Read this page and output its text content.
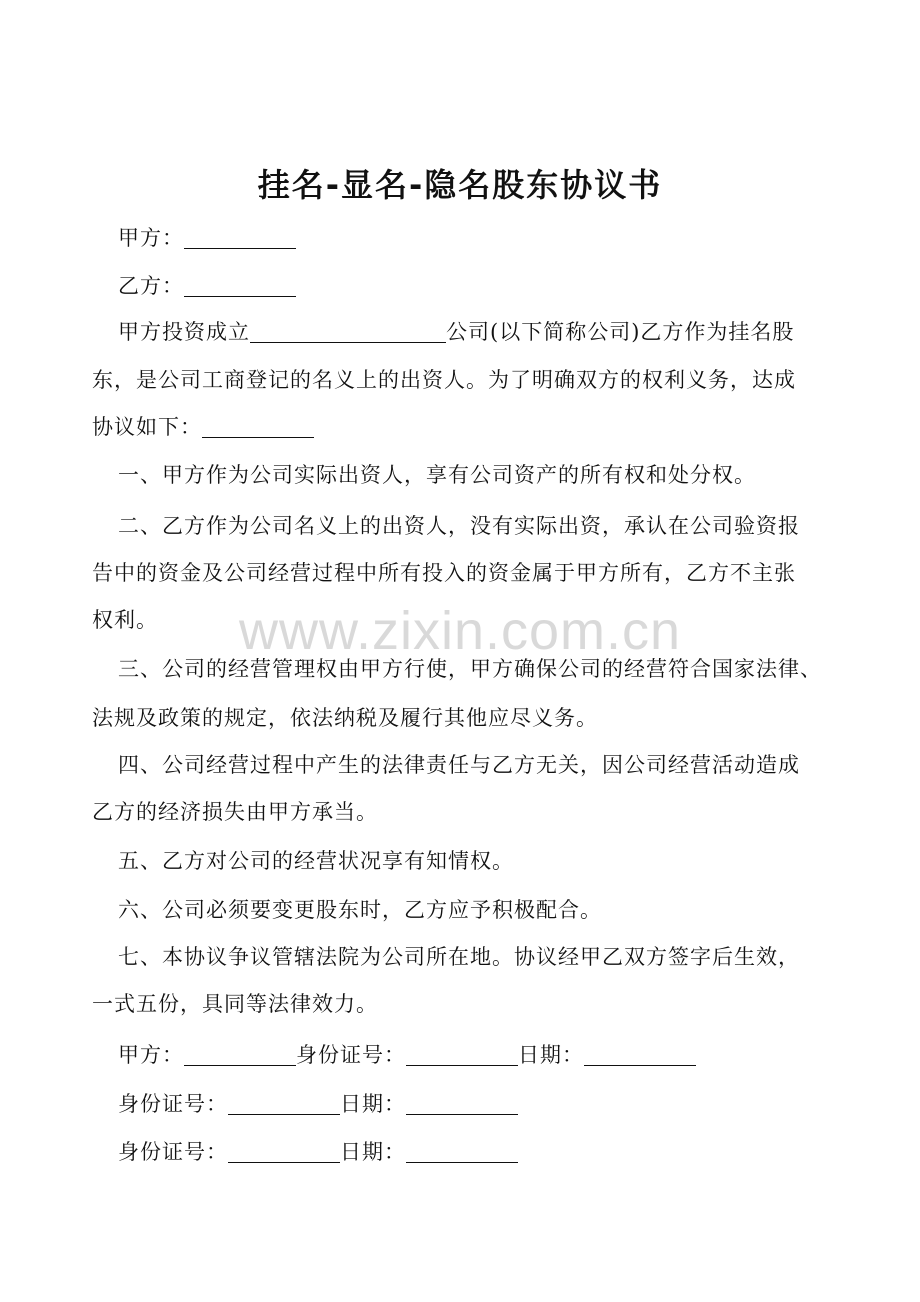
挂名-显名-隐名股东协议书
甲方：
乙方：
甲方投资成立	公司(以下简称公司)乙方作为挂名股
东，是公司工商登记的名义上的出资人。为了明确双方的权利义务，达成
协议如下：
一、甲方作为公司实际出资人，享有公司资产的所有权和处分权。
二、乙方作为公司名义上的出资人，没有实际出资，承认在公司验资报
告中的资金及公司经营过程中所有投入的资金属于甲方所有，乙方不主张
权利。
三、公司的经营管理权由甲方行使，甲方确保公司的经营符合国家法律、
法规及政策的规定，依法纳税及履行其他应尽义务。
四、公司经营过程中产生的法律责任与乙方无关，因公司经营活动造成
乙方的经济损失由甲方承当。
五、乙方对公司的经营状况享有知情权。
六、公司必须要变更股东时，乙方应予积极配合。
七、本协议争议管辖法院为公司所在地。协议经甲乙双方签字后生效，
一式五份，具同等法律效力。
甲方：	身份证号：	日期：
身份证号：	日期：
身份证号：	日期：
www.zixin.com.cn
